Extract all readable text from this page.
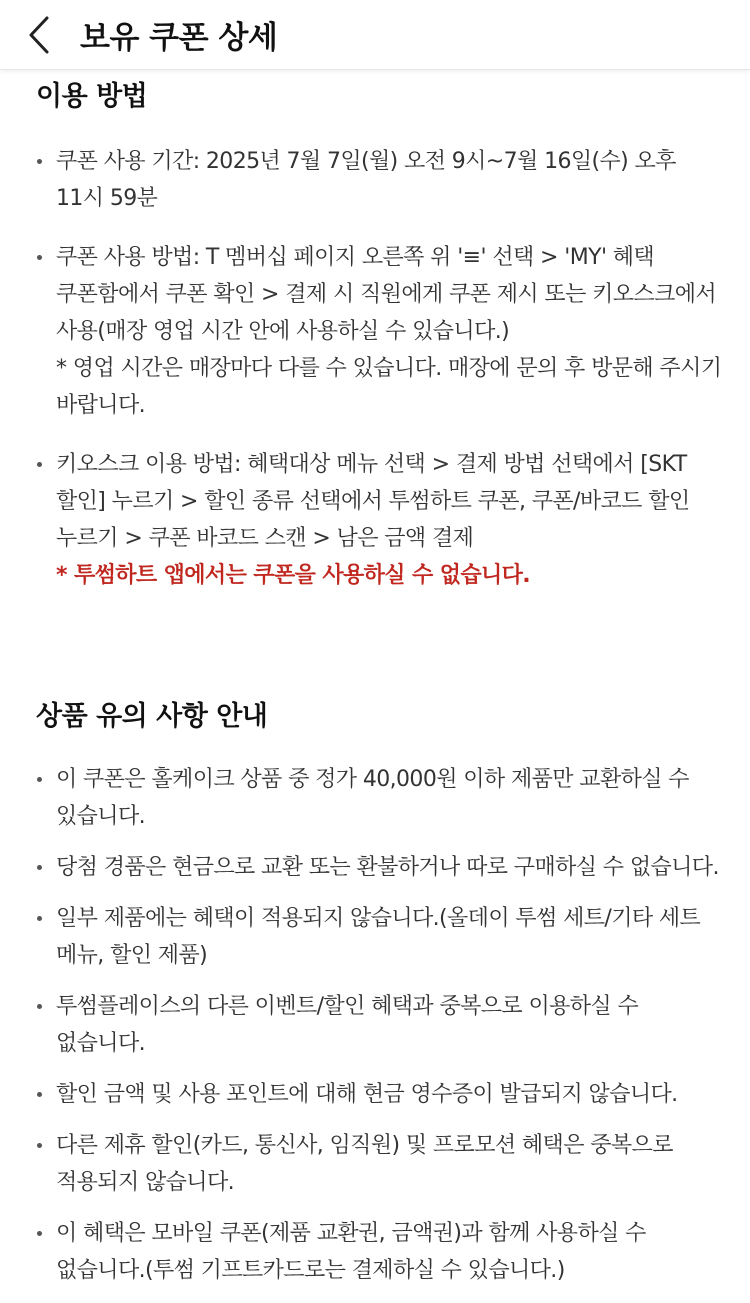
보유 쿠폰 상세
이용 방법
쿠폰 사용 기간: 2025년 7월 7일(월) 오전 9시~7월 16일(수) 오후 11시 59분
쿠폰 사용 방법: T 멤버십 페이지 오른쪽 위 '≡' 선택 > 'MY' 혜택 쿠폰함에서 쿠폰 확인 > 결제 시 직원에게 쿠폰 제시 또는 키오스크에서 사용(매장 영업 시간 안에 사용하실 수 있습니다.)
* 영업 시간은 매장마다 다를 수 있습니다. 매장에 문의 후 방문해 주시기 바랍니다.
키오스크 이용 방법: 혜택대상 메뉴 선택 > 결제 방법 선택에서 [SKT 할인] 누르기 > 할인 종류 선택에서 투썸하트 쿠폰, 쿠폰/바코드 할인 누르기 > 쿠폰 바코드 스캔 > 남은 금액 결제
* 투썸하트 앱에서는 쿠폰을 사용하실 수 없습니다.
상품 유의 사항 안내
이 쿠폰은 홀케이크 상품 중 정가 40,000원 이하 제품만 교환하실 수 있습니다.
당첨 경품은 현금으로 교환 또는 환불하거나 따로 구매하실 수 없습니다.
일부 제품에는 혜택이 적용되지 않습니다.(올데이 투썸 세트/기타 세트 메뉴, 할인 제품)
투썸플레이스의 다른 이벤트/할인 혜택과 중복으로 이용하실 수 없습니다.
할인 금액 및 사용 포인트에 대해 현금 영수증이 발급되지 않습니다.
다른 제휴 할인(카드, 통신사, 임직원) 및 프로모션 혜택은 중복으로 적용되지 않습니다.
이 혜택은 모바일 쿠폰(제품 교환권, 금액권)과 함께 사용하실 수 없습니다.(투썸 기프트카드로는 결제하실 수 있습니다.)
